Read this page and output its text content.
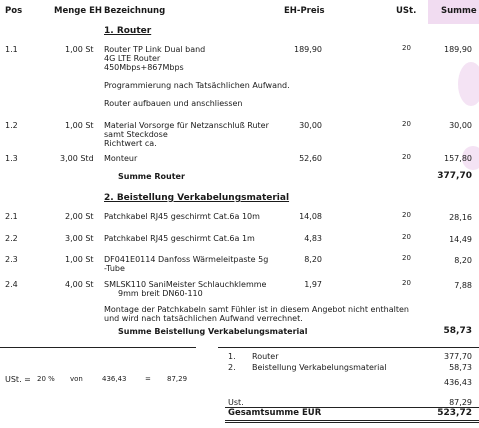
Pos	Menge EH Bezeichnung	EH-Preis	USt.	Summe
1. Router
1.1	1,00 St Router TP Link Dual band
4G LTE Router
450Mbps+867Mbps
Programmierung nach Tatsächlichen Aufwand.
Router aufbauen und anschliessen
189,90	20	189,90
1.2	1,00 St Material Vorsorge für Netzanschluß Ruter
samt Steckdose
Richtwert ca.
30,00	20	30,00
1.3	3,00 Std Monteur	52,60	20	157,80
Summe Router	377,70
2. Beistellung Verkabelungsmaterial
2.1	2,00 St Patchkabel RJ45 geschirmt Cat.6a 10m	14,08	20	28,16
2.2	3,00 St Patchkabel RJ45 geschirmt Cat.6a 1m	4,83	20	14,49
2.3	1,00 St DF041E0114 Danfoss Wärmeleitpaste 5g
-Tube
8,20	20	8,20
2.4	4,00 St SMLSK110 SaniMeister Schlauchklemme
9mm breit DN60-110
1,97	20	7,88
Montage der Patchkabeln samt Fühler ist in diesem Angebot nicht enthalten
und wird nach tatsächlichen Aufwand verrechnet.
Summe Beistellung Verkabelungsmaterial	58,73
USt. = 20 % von	436,43	= 87,29
1. Router	377,70
2. Beistellung Verkabelungsmaterial	58,73
436,43
Ust.	87,29
Gesamtsumme EUR	523,72
